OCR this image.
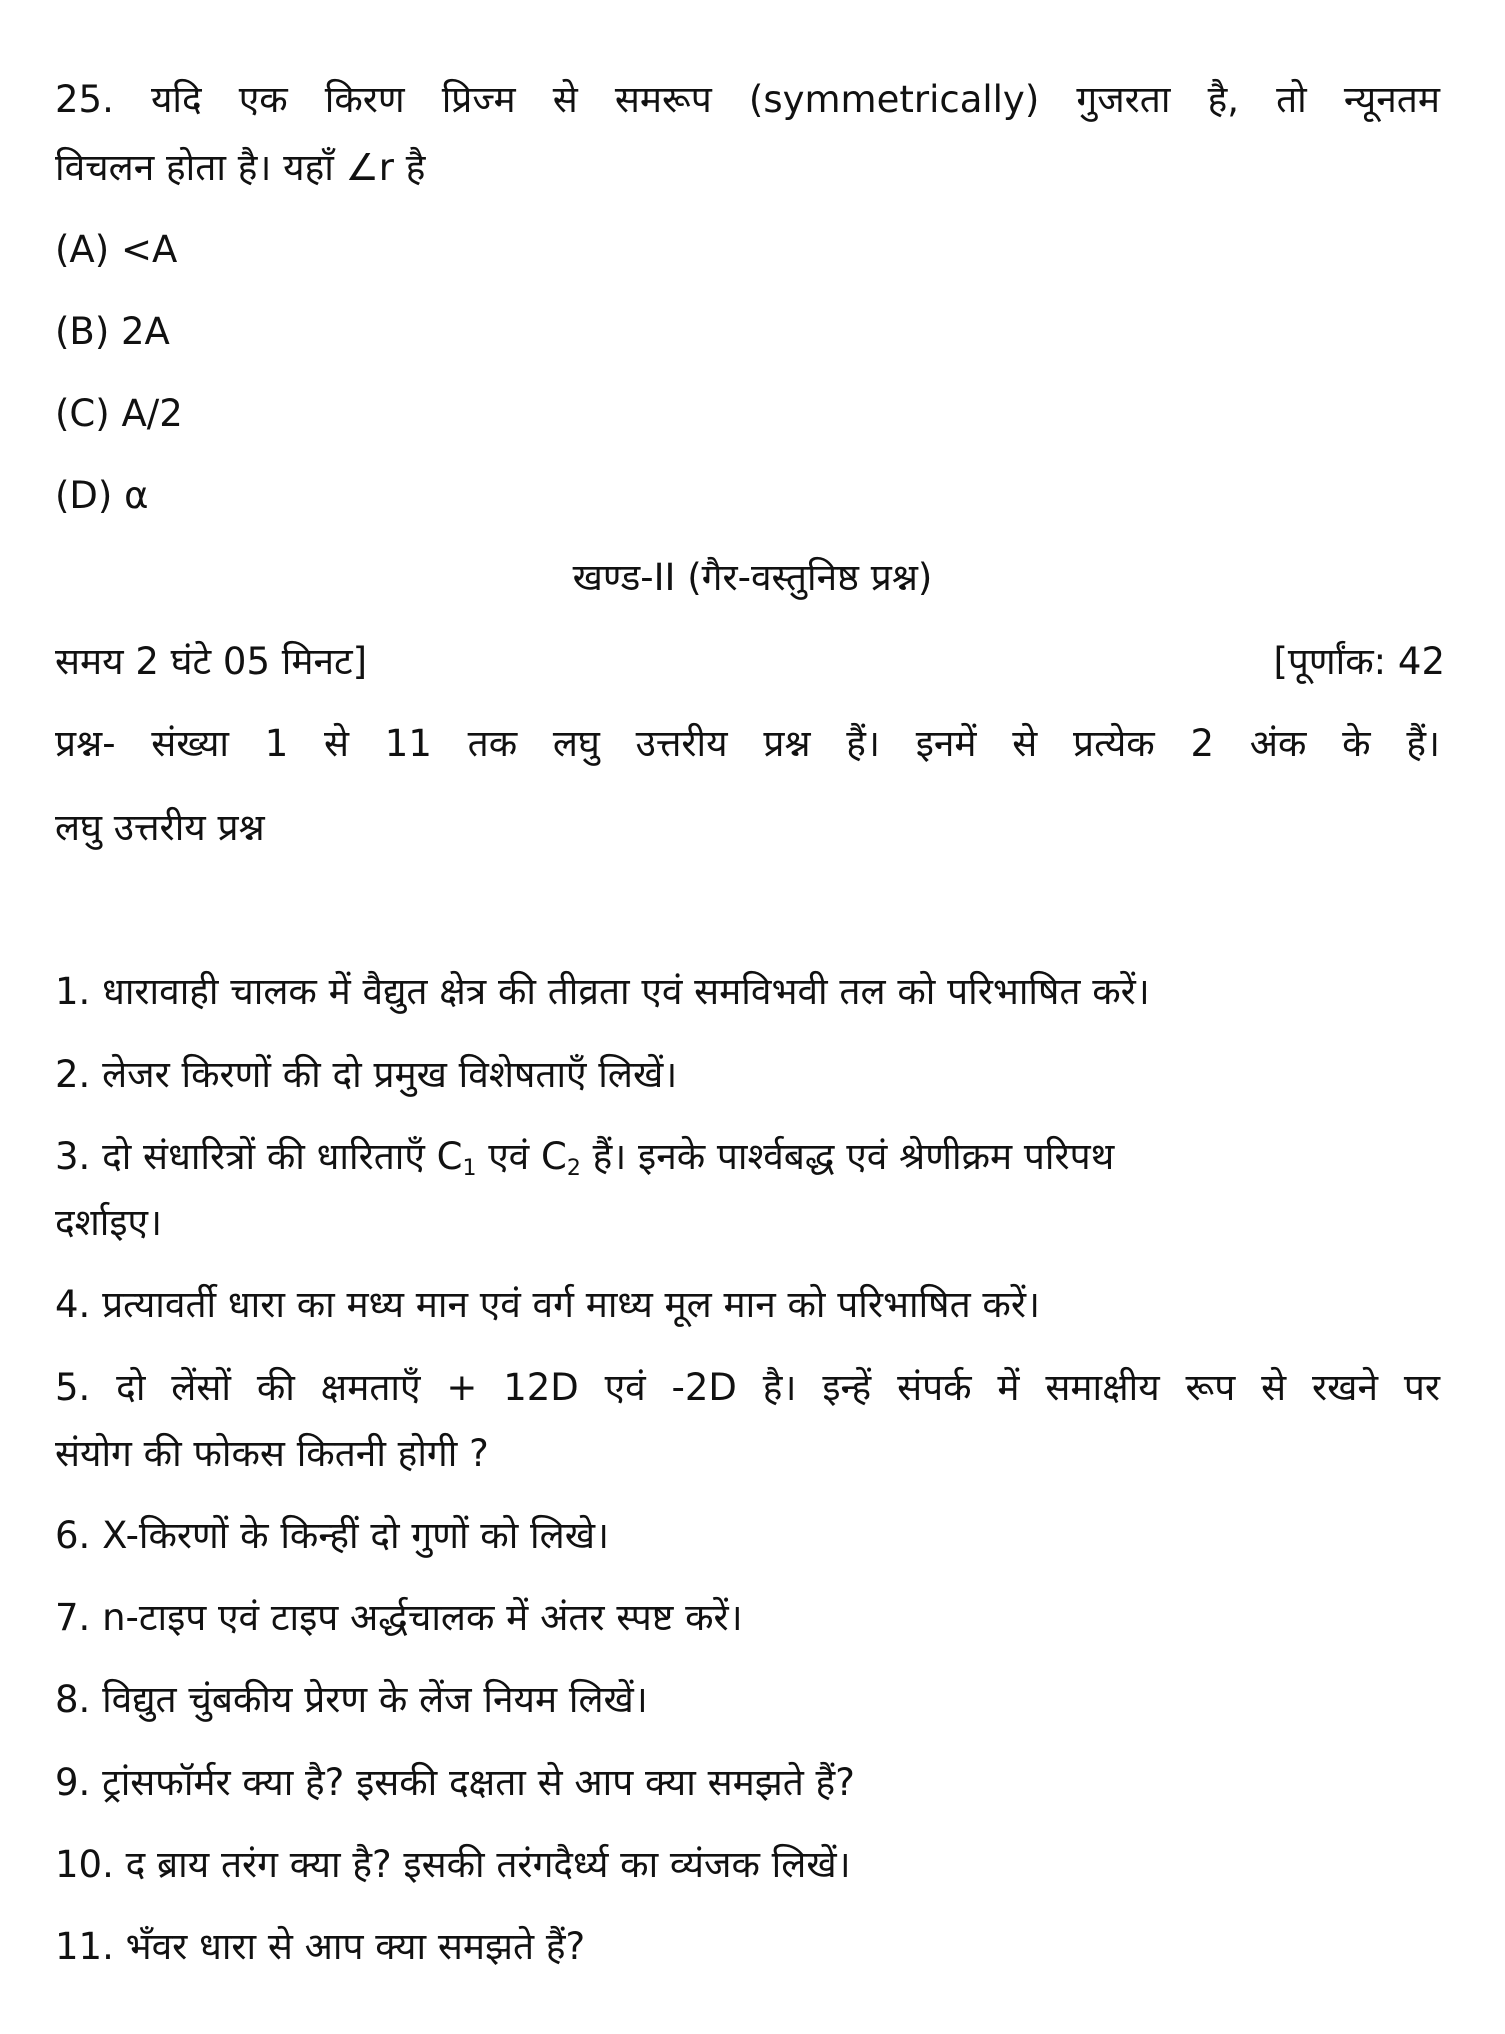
25. यदि एक किरण प्रिज्म से समरूप (symmetrically) गुजरता है, तो न्यूनतम
विचलन होता है। यहाँ ∠r है
(A) <A
(B) 2A
(C) A/2
(D) α
खण्ड-II (गैर-वस्तुनिष्ठ प्रश्न)
समय 2 घंटे 05 मिनट]	[पूर्णांक: 42
प्रश्न- संख्या 1 से 11 तक लघु उत्तरीय प्रश्न हैं। इनमें से प्रत्येक 2 अंक के हैं।
लघु उत्तरीय प्रश्न
1. धारावाही चालक में वैद्युत क्षेत्र की तीव्रता एवं समविभवी तल को परिभाषित करें।
2. लेजर किरणों की दो प्रमुख विशेषताएँ लिखें।
3. दो संधारित्रों की धारिताएँ $C_1$ एवं $C_2$ हैं। इनके पार्श्वबद्ध एवं श्रेणीक्रम परिपथ
दर्शाइए।
4. प्रत्यावर्ती धारा का मध्य मान एवं वर्ग माध्य मूल मान को परिभाषित करें।
5. दो लेंसों की क्षमताएँ + 12D एवं -2D है। इन्हें संपर्क में समाक्षीय रूप से रखने पर
संयोग की फोकस कितनी होगी ?
6. X-किरणों के किन्हीं दो गुणों को लिखे।
7. n-टाइप एवं टाइप अर्द्धचालक में अंतर स्पष्ट करें।
8. विद्युत चुंबकीय प्रेरण के लेंज नियम लिखें।
9. ट्रांसफॉर्मर क्या है? इसकी दक्षता से आप क्या समझते हैं?
10. द ब्राय तरंग क्या है? इसकी तरंगदैर्ध्य का व्यंजक लिखें।
11. भँवर धारा से आप क्या समझते हैं?
